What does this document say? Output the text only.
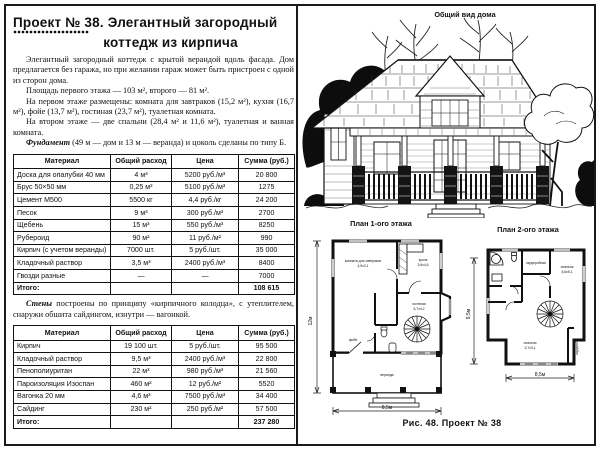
Проект № 38. Элегантный загородный
коттедж из кирпича

Элегантный загородный коттедж с крытой верандой вдоль фасада. Дом предлагается без гаража, но при желании гараж может быть пристроен с одной из сторон дома.

Площадь первого этажа — 103 м², второго — 81 м².

На первом этаже размещены: комната для завтраков (15,2 м²), кухня (16,7 м²), фойе (13,7 м²), гостиная (23,7 м²), туалетная комната.

На втором этаже — две спальни (28,4 м² и 11,6 м²), туалетная и ванная комната.

Фундамент (49 м — дом и 13 м — веранда) и цоколь сделаны по типу Б.

Материал	Общий расход	Цена	Сумма (руб.)
Доска для опалубки 40 мм	4 м³	5200 руб./м³	20 800
Брус 50×50 мм	0,25 м³	5100 руб./м³	1275
Цемент М500	5500 кг	4,4 руб./кг	24 200
Песок	9 м³	300 руб./м³	2700
Щебень	15 м³	550 руб./м³	8250
Рубероид	90 м²	11 руб./м²	990
Кирпич (с учетом веранды)	7000 шт.	5 руб./шт.	35 000
Кладочный раствор	3,5 м³	2400 руб./м³	8400
Гвозди разные	—	—	7000
Итого:			108 615

Стены построены по принципу «кирпичного колодца», с утеплителем, снаружи обшита сайдингом, изнутри — вагонкой.

Материал	Общий расход	Цена	Сумма (руб.)
Кирпич	19 100 шт.	5 руб./шт.	95 500
Кладочный раствор	9,5 м³	2400 руб./м³	22 800
Пенополиуритан	22 м³	980 руб./м³	21 560
Пароизоляция Изоспан	460 м²	12 руб./м²	5520
Вагонка 20 мм	4,6 м³	7500 руб./м³	34 400
Сайдинг	230 м²	250 руб./м²	57 500
Итого:			237 280
Общий вид дома
План 1-ого этажа
12м
8,5м
комната для завтраков
4,9х3,1
кухня
3,6х4,6
гостиная
5,7х4,2
фойе
веранда
План 2-ого этажа
9,5м
8,5м
спальня
5,6х5,1
гардеробная
спальня
3,7х3,1	гардероб
Рис. 48. Проект № 38
